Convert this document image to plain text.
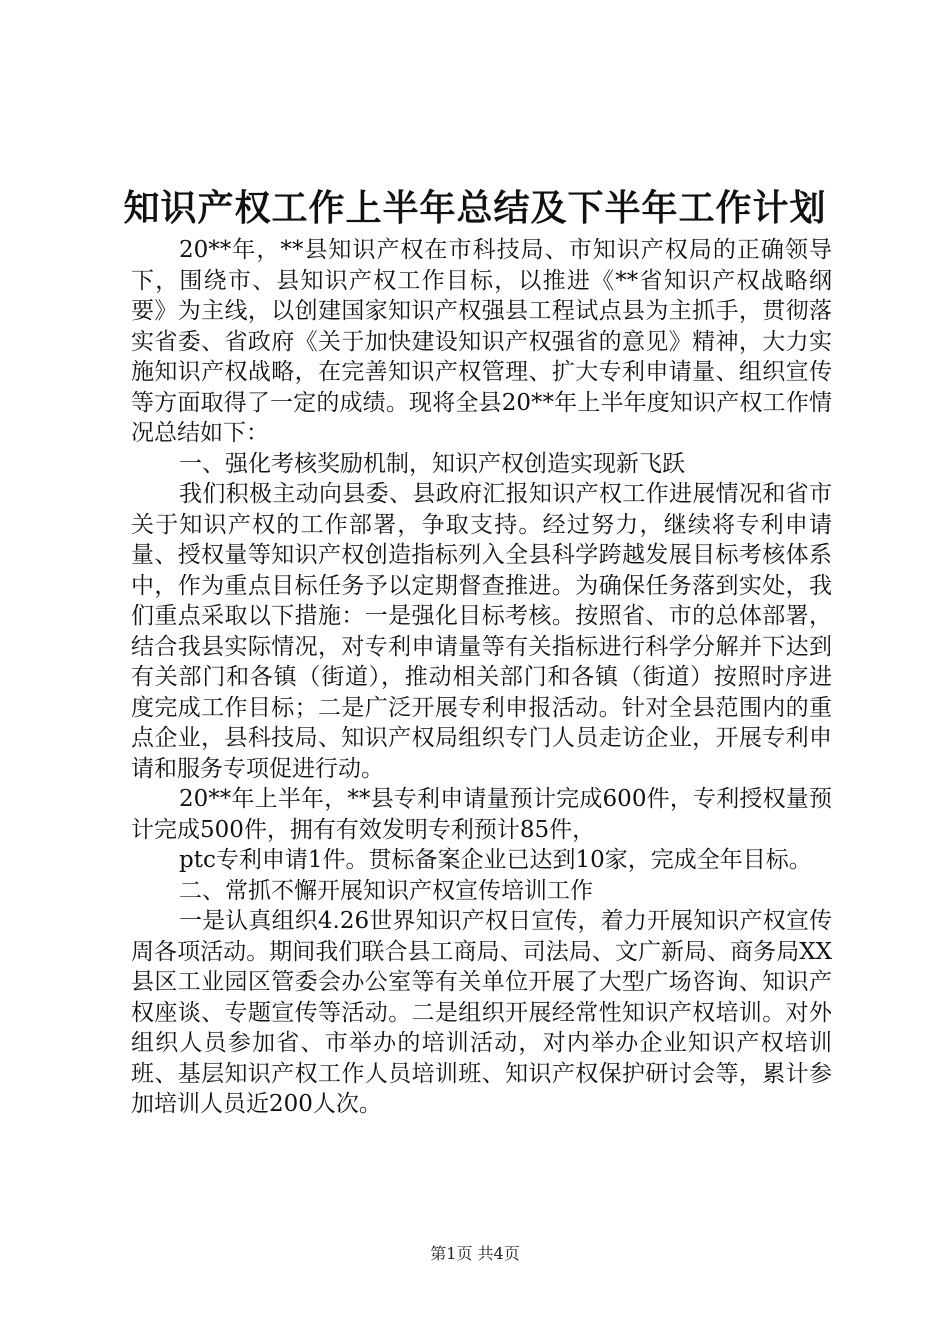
知识产权工作上半年总结及下半年工作计划

20**年，**县知识产权在市科技局、市知识产权局的正确领导下，围绕市、县知识产权工作目标，以推进《**省知识产权战略纲要》为主线，以创建国家知识产权强县工程试点县为主抓手，贯彻落实省委、省政府《关于加快建设知识产权强省的意见》精神，大力实施知识产权战略，在完善知识产权管理、扩大专利申请量、组织宣传等方面取得了一定的成绩。现将全县20**年上半年度知识产权工作情况总结如下：

一、强化考核奖励机制，知识产权创造实现新飞跃

我们积极主动向县委、县政府汇报知识产权工作进展情况和省市关于知识产权的工作部署，争取支持。经过努力，继续将专利申请量、授权量等知识产权创造指标列入全县科学跨越发展目标考核体系中，作为重点目标任务予以定期督查推进。为确保任务落到实处，我们重点采取以下措施：一是强化目标考核。按照省、市的总体部署，结合我县实际情况，对专利申请量等有关指标进行科学分解并下达到有关部门和各镇（街道），推动相关部门和各镇（街道）按照时序进度完成工作目标；二是广泛开展专利申报活动。针对全县范围内的重点企业，县科技局、知识产权局组织专门人员走访企业，开展专利申请和服务专项促进行动。

20**年上半年，**县专利申请量预计完成600件，专利授权量预计完成500件，拥有有效发明专利预计85件，

ptc专利申请1件。贯标备案企业已达到10家，完成全年目标。

二、常抓不懈开展知识产权宣传培训工作

一是认真组织4.26世界知识产权日宣传，着力开展知识产权宣传周各项活动。期间我们联合县工商局、司法局、文广新局、商务局XX县区工业园区管委会办公室等有关单位开展了大型广场咨询、知识产权座谈、专题宣传等活动。二是组织开展经常性知识产权培训。对外组织人员参加省、市举办的培训活动，对内举办企业知识产权培训班、基层知识产权工作人员培训班、知识产权保护研讨会等，累计参加培训人员近200人次。

第1页 共4页
